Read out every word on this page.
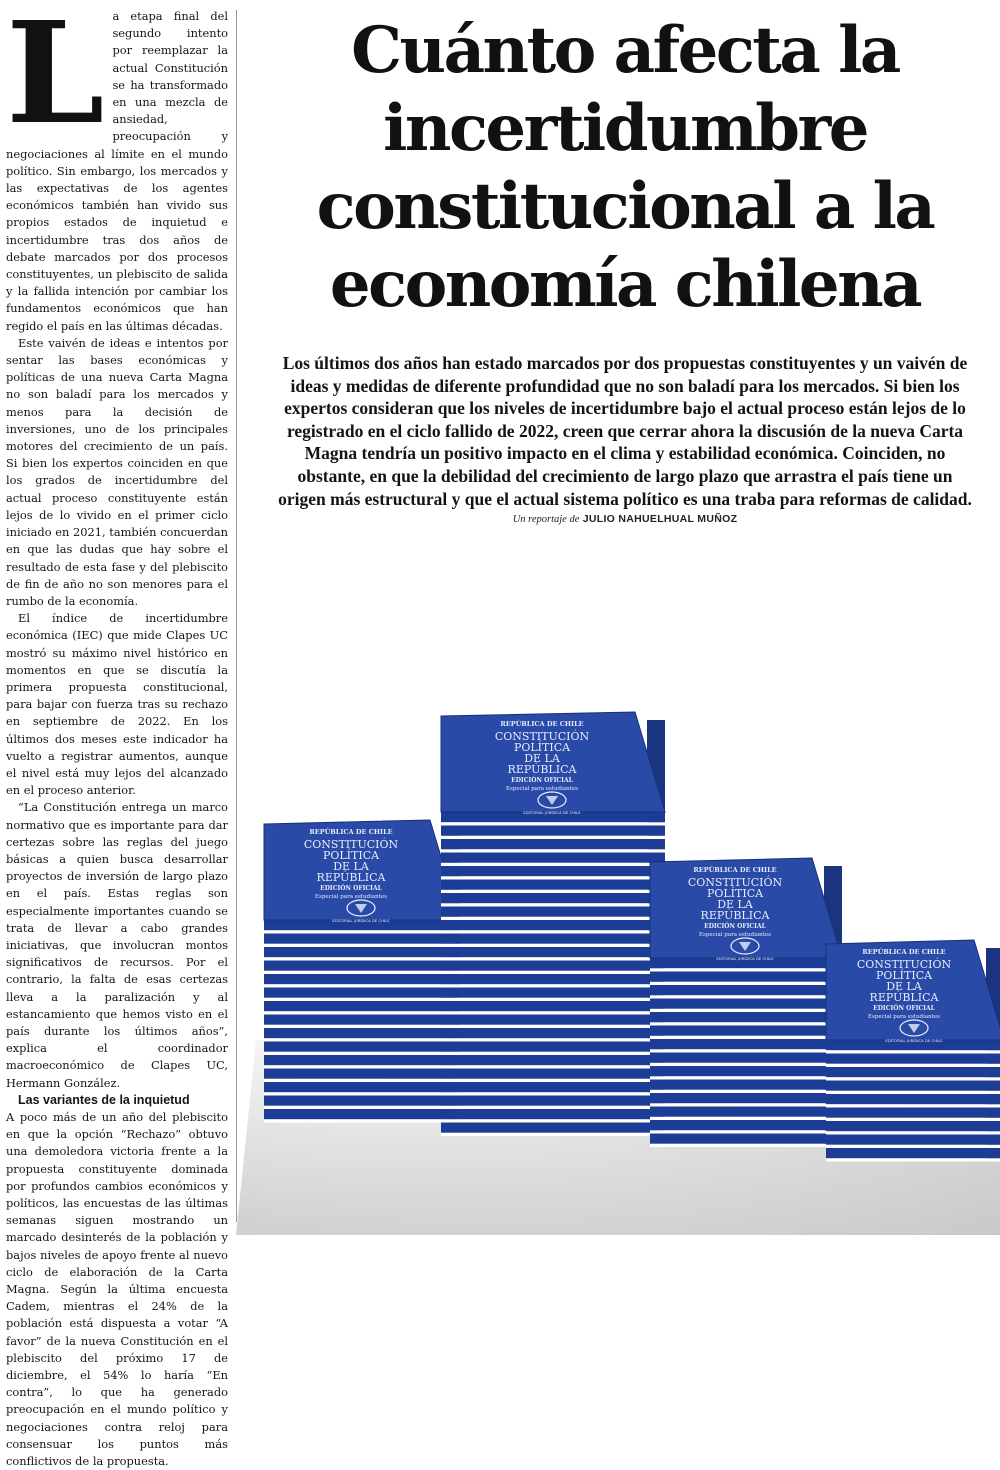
La etapa final del segundo intento por reemplazar la actual Constitución se ha transformado en una mezcla de ansiedad, preocupación y negociaciones al límite en el mundo político. Sin embargo, los mercados y las expectativas de los agentes económicos también han vivido sus propios estados de inquietud e incertidumbre tras dos años de debate marcados por dos procesos constituyentes, un plebiscito de salida y la fallida intención por cambiar los fundamentos económicos que han regido el país en las últimas décadas.

Este vaivén de ideas e intentos por sentar las bases económicas y políticas de una nueva Carta Magna no son baladí para los mercados y menos para la decisión de inversiones, uno de los principales motores del crecimiento de un país. Si bien los expertos coinciden en que los grados de incertidumbre del actual proceso constituyente están lejos de lo vivido en el primer ciclo iniciado en 2021, también concuerdan en que las dudas que hay sobre el resultado de esta fase y del plebiscito de fin de año no son menores para el rumbo de la economía.

El índice de incertidumbre económica (IEC) que mide Clapes UC mostró su máximo nivel histórico en momentos en que se discutía la primera propuesta constitucional, para bajar con fuerza tras su rechazo en septiembre de 2022. En los últimos dos meses este indicador ha vuelto a registrar aumentos, aunque el nivel está muy lejos del alcanzado en el proceso anterior.

“La Constitución entrega un marco normativo que es importante para dar certezas sobre las reglas del juego básicas a quien busca desarrollar proyectos de inversión de largo plazo en el país. Estas reglas son especialmente importantes cuando se trata de llevar a cabo grandes iniciativas, que involucran montos significativos de recursos. Por el contrario, la falta de esas certezas lleva a la paralización y al estancamiento que hemos visto en el país durante los últimos años”, explica el coordinador macroeconómico de Clapes UC, Hermann González.

Las variantes de la inquietud

A poco más de un año del plebiscito en que la opción “Rechazo” obtuvo una demoledora victoria frente a la propuesta constituyente dominada por profundos cambios económicos y políticos, las encuestas de las últimas semanas siguen mostrando un marcado desinterés de la población y bajos niveles de apoyo frente al nuevo ciclo de elaboración de la Carta Magna. Según la última encuesta Cadem, mientras el 24% de la población está dispuesta a votar “A favor” de la nueva Constitución en el plebiscito del próximo 17 de diciembre, el 54% lo haría “En contra”, lo que ha generado preocupación en el mundo político y negociaciones contra reloj para consensuar los puntos más conflictivos de la propuesta.

Cuánto afecta la incertidumbre constitucional a la economía chilena

Los últimos dos años han estado marcados por dos propuestas constituyentes y un vaivén de ideas y medidas de diferente profundidad que no son baladí para los mercados. Si bien los expertos consideran que los niveles de incertidumbre bajo el actual proceso están lejos de lo registrado en el ciclo fallido de 2022, creen que cerrar ahora la discusión de la nueva Carta Magna tendría un positivo impacto en el clima y estabilidad económica. Coinciden, no obstante, en que la debilidad del crecimiento de largo plazo que arrastra el país tiene un origen más estructural y que el actual sistema político es una traba para reformas de calidad.

Un reportaje de JULIO NAHUELHUAL MUÑOZ
REPÚBLICA DE CHILE
CONSTITUCIÓN
POLÍTICA
DE LA
REPÚBLICA
EDICIÓN OFICIAL
Especial para estudiantes
EDITORIAL JURÍDICA DE CHILE
REPÚBLICA DE CHILE
CONSTITUCIÓN
POLÍTICA
DE LA
REPÚBLICA
EDICIÓN OFICIAL
Especial para estudiantes
EDITORIAL JURÍDICA DE CHILE
REPÚBLICA DE CHILE
CONSTITUCIÓN
POLÍTICA
DE LA
REPÚBLICA
EDICIÓN OFICIAL
Especial para estudiantes
EDITORIAL JURÍDICA DE CHILE
REPÚBLICA DE CHILE
CONSTITUCIÓN
POLÍTICA
DE LA
REPÚBLICA
EDICIÓN OFICIAL
Especial para estudiantes
EDITORIAL JURÍDICA DE CHILE
